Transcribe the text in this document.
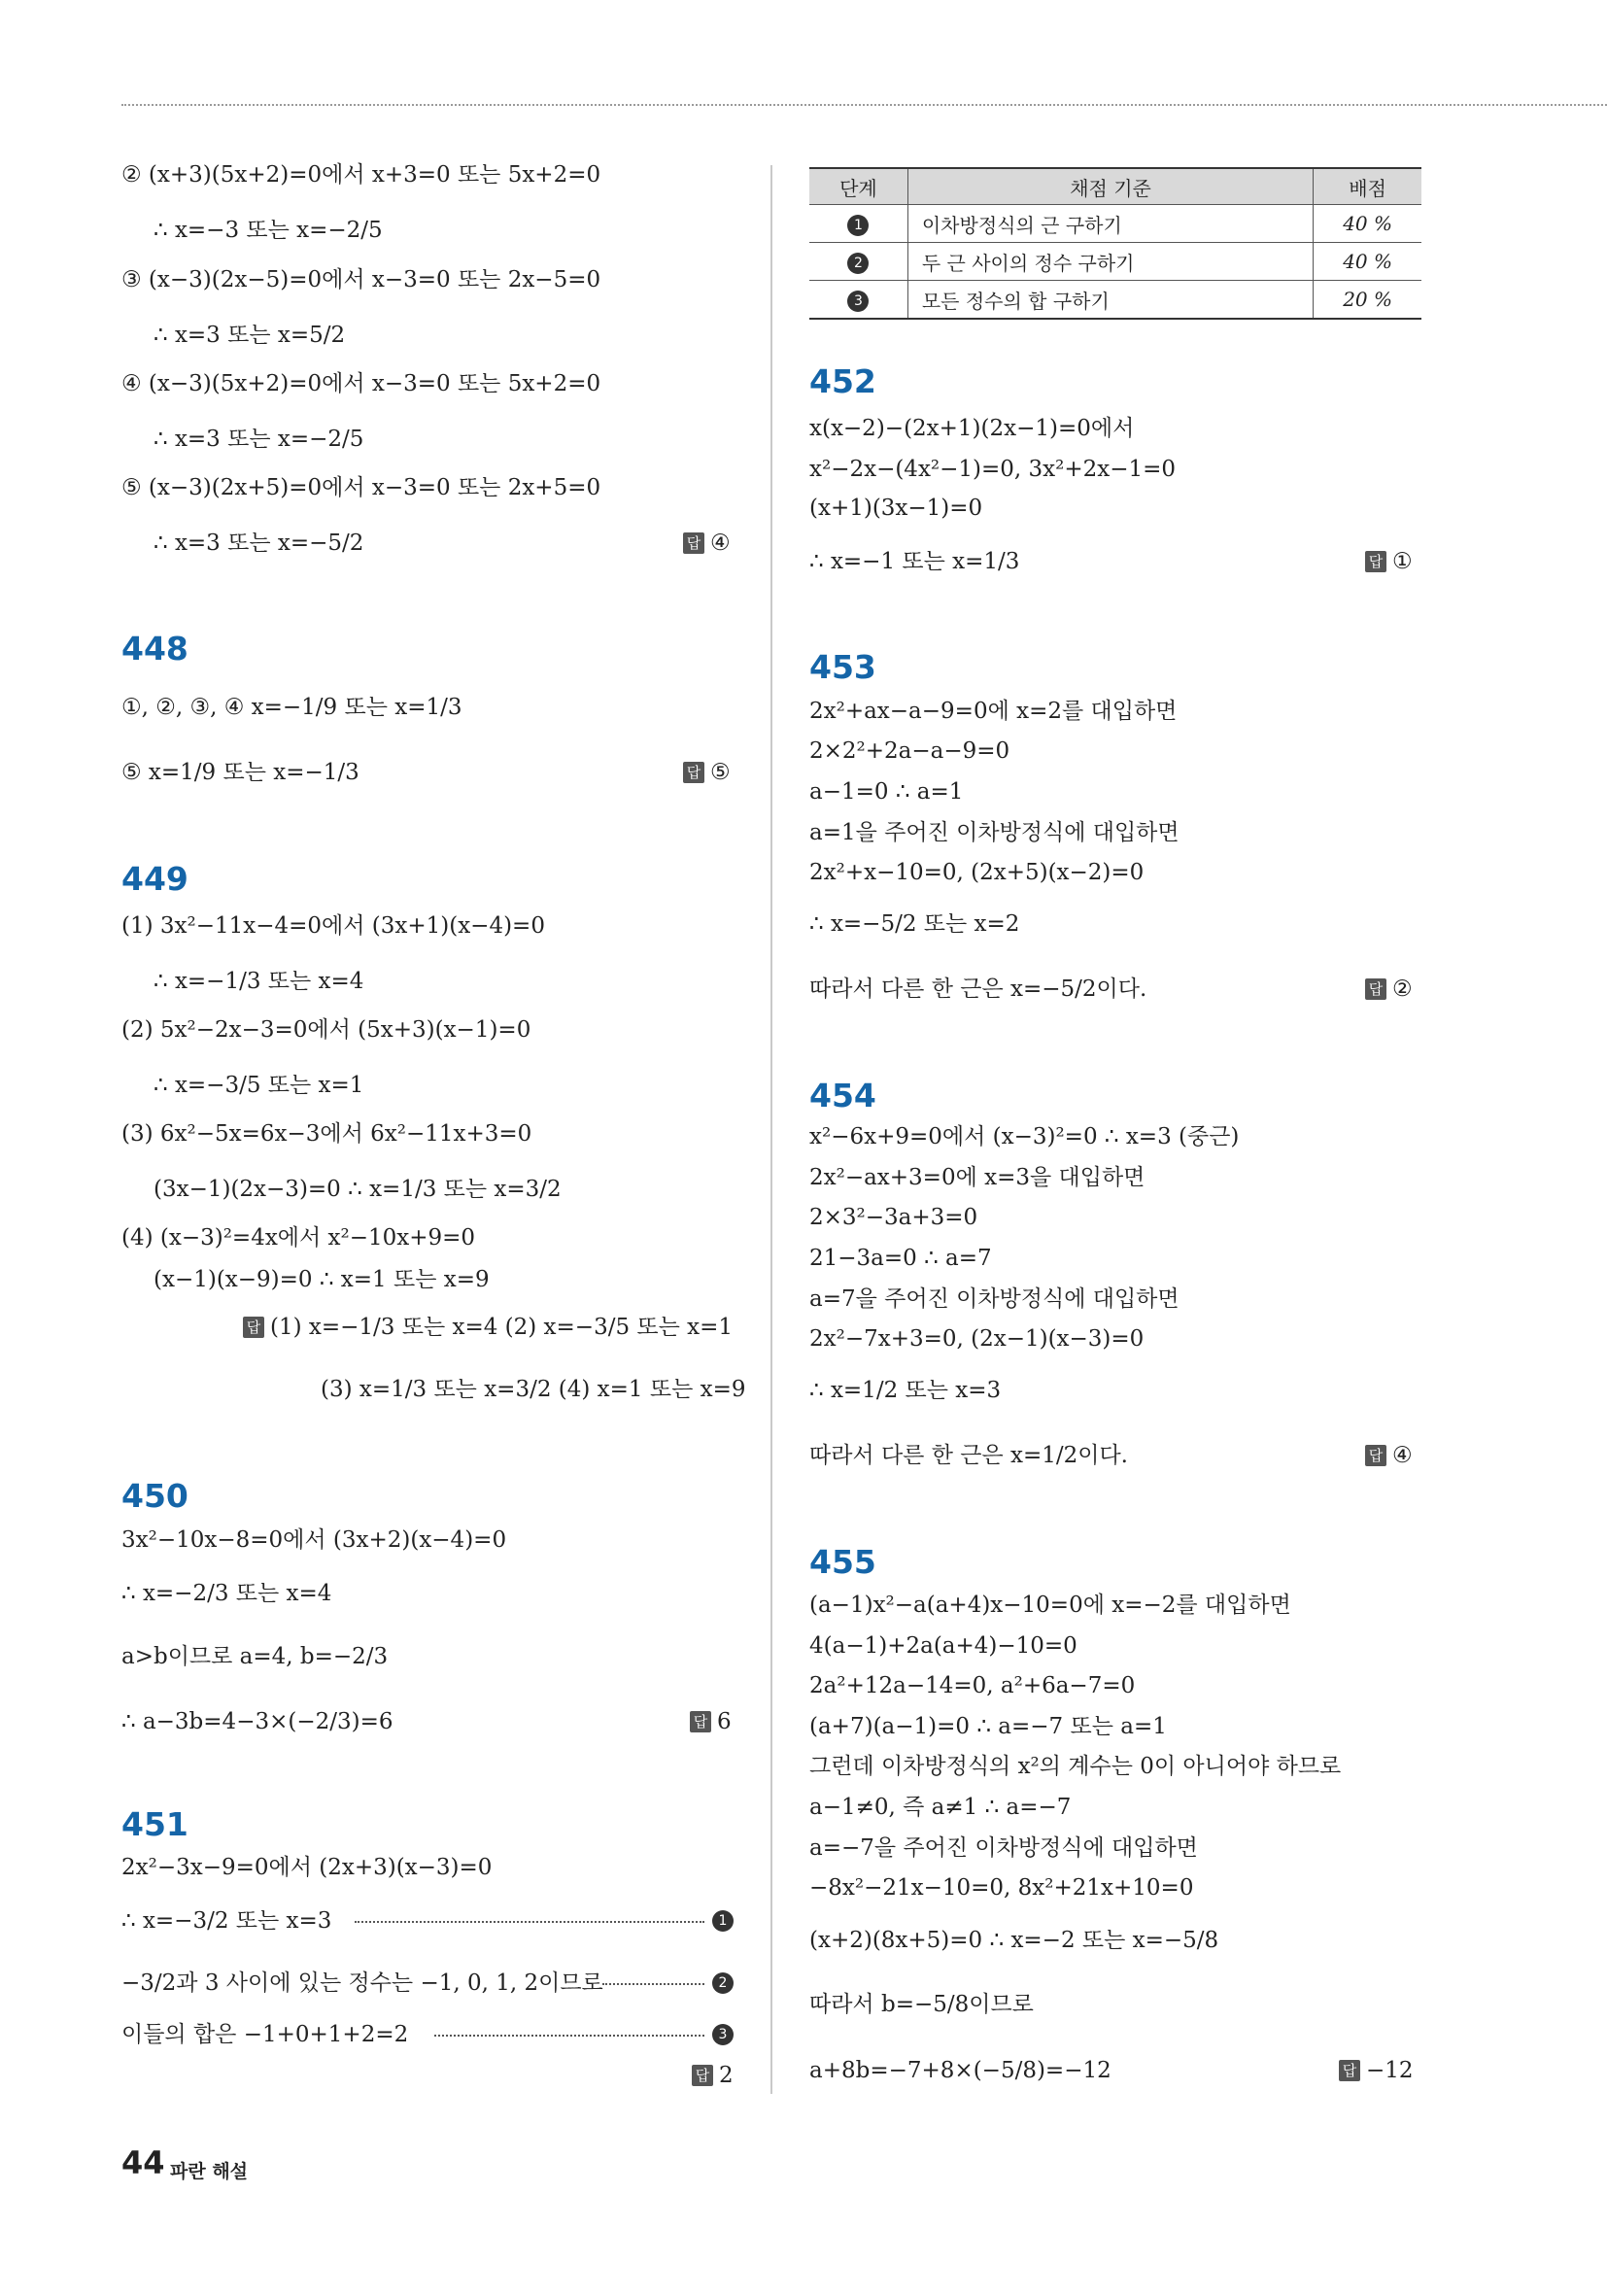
② (x+3)(5x+2)=0에서 x+3=0 또는 5x+2=0
∴ x=−3 또는 x=−2/5
③ (x−3)(2x−5)=0에서 x−3=0 또는 2x−5=0
∴ x=3 또는 x=5/2
④ (x−3)(5x+2)=0에서 x−3=0 또는 5x+2=0
∴ x=3 또는 x=−2/5
⑤ (x−3)(2x+5)=0에서 x−3=0 또는 2x+5=0
∴ x=3 또는 x=−5/2	답 ④
448
①, ②, ③, ④ x=−1/9 또는 x=1/3
⑤ x=1/9 또는 x=−1/3	답 ⑤
449
(1) 3x²−11x−4=0에서 (3x+1)(x−4)=0
∴ x=−1/3 또는 x=4
(2) 5x²−2x−3=0에서 (5x+3)(x−1)=0
∴ x=−3/5 또는 x=1
(3) 6x²−5x=6x−3에서 6x²−11x+3=0
(3x−1)(2x−3)=0 ∴ x=1/3 또는 x=3/2
(4) (x−3)²=4x에서 x²−10x+9=0
(x−1)(x−9)=0 ∴ x=1 또는 x=9
답 (1) x=−1/3 또는 x=4 (2) x=−3/5 또는 x=1
(3) x=1/3 또는 x=3/2 (4) x=1 또는 x=9
450
3x²−10x−8=0에서 (3x+2)(x−4)=0
∴ x=−2/3 또는 x=4
a>b이므로 a=4, b=−2/3
∴ a−3b=4−3×(−2/3)=6	답 6
451
2x²−3x−9=0에서 (2x+3)(x−3)=0
∴ x=−3/2 또는 x=3	1
−3/2과 3 사이에 있는 정수는 −1, 0, 1, 2이므로	2
이들의 합은 −1+0+1+2=2	3
답 2
단계	채점 기준	배점
1	이차방정식의 근 구하기	40 %
2	두 근 사이의 정수 구하기	40 %
3	모든 정수의 합 구하기	20 %
452
x(x−2)−(2x+1)(2x−1)=0에서
x²−2x−(4x²−1)=0, 3x²+2x−1=0
(x+1)(3x−1)=0
∴ x=−1 또는 x=1/3	답 ①
453
2x²+ax−a−9=0에 x=2를 대입하면
2×2²+2a−a−9=0
a−1=0 ∴ a=1
a=1을 주어진 이차방정식에 대입하면
2x²+x−10=0, (2x+5)(x−2)=0
∴ x=−5/2 또는 x=2
따라서 다른 한 근은 x=−5/2이다.	답 ②
454
x²−6x+9=0에서 (x−3)²=0 ∴ x=3 (중근)
2x²−ax+3=0에 x=3을 대입하면
2×3²−3a+3=0
21−3a=0 ∴ a=7
a=7을 주어진 이차방정식에 대입하면
2x²−7x+3=0, (2x−1)(x−3)=0
∴ x=1/2 또는 x=3
따라서 다른 한 근은 x=1/2이다.	답 ④
455
(a−1)x²−a(a+4)x−10=0에 x=−2를 대입하면
4(a−1)+2a(a+4)−10=0
2a²+12a−14=0, a²+6a−7=0
(a+7)(a−1)=0 ∴ a=−7 또는 a=1
그런데 이차방정식의 x²의 계수는 0이 아니어야 하므로
a−1≠0, 즉 a≠1 ∴ a=−7
a=−7을 주어진 이차방정식에 대입하면
−8x²−21x−10=0, 8x²+21x+10=0
(x+2)(8x+5)=0 ∴ x=−2 또는 x=−5/8
따라서 b=−5/8이므로
a+8b=−7+8×(−5/8)=−12	답 −12
44 파란 해설
